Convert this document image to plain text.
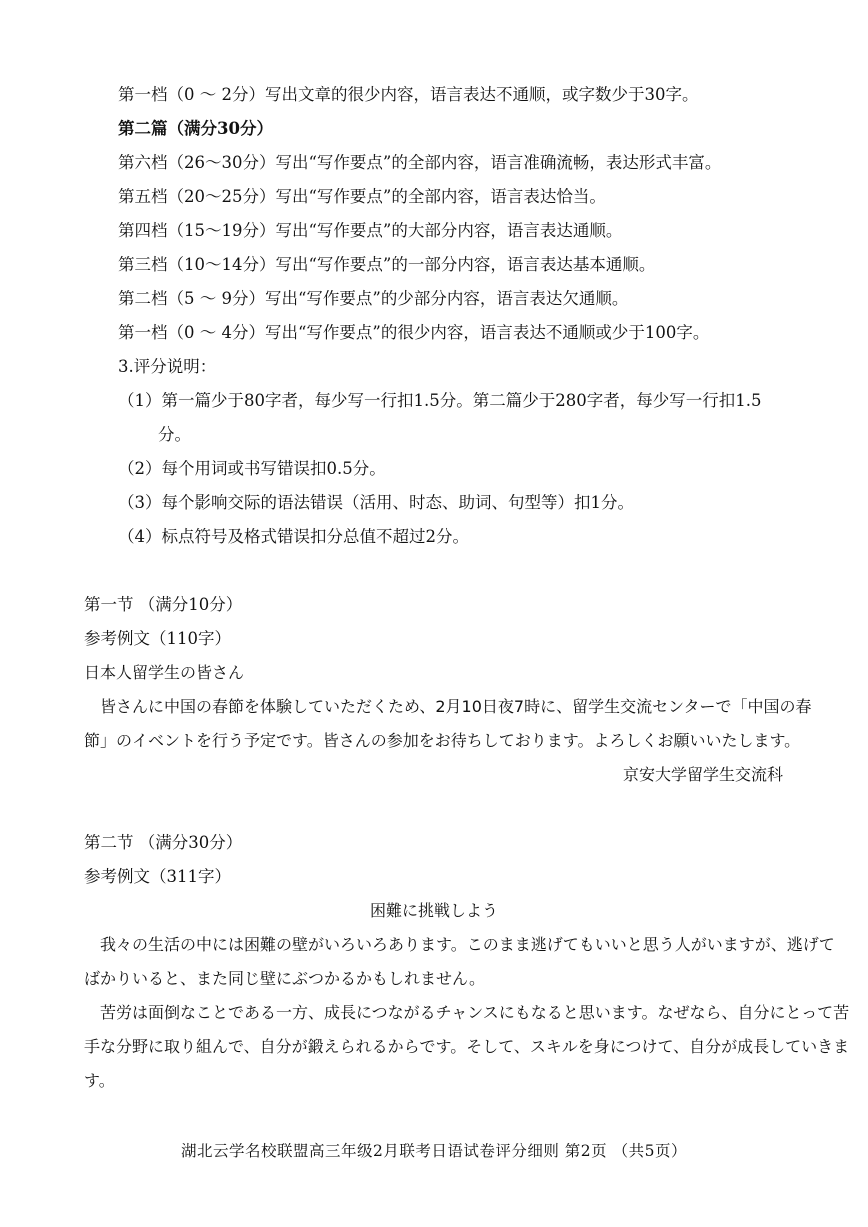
第一档（0 ～ 2分）写出文章的很少内容，语言表达不通顺，或字数少于30字。
第二篇（满分30分）
第六档（26～30分）写出“写作要点”的全部内容，语言准确流畅，表达形式丰富。
第五档（20～25分）写出“写作要点”的全部内容，语言表达恰当。
第四档（15～19分）写出“写作要点”的大部分内容，语言表达通顺。
第三档（10～14分）写出“写作要点”的一部分内容，语言表达基本通顺。
第二档（5 ～ 9分）写出“写作要点”的少部分内容，语言表达欠通顺。
第一档（0 ～ 4分）写出“写作要点”的很少内容，语言表达不通顺或少于100字。
3.评分说明：
（1）第一篇少于80字者，每少写一行扣1.5分。第二篇少于280字者，每少写一行扣1.5
分。
（2）每个用词或书写错误扣0.5分。
（3）每个影响交际的语法错误（活用、时态、助词、句型等）扣1分。
（4）标点符号及格式错误扣分总值不超过2分。
第一节 （满分10分）
参考例文（110字）
日本人留学生の皆さん
皆さんに中国の春節を体験していただくため、2月10日夜7時に、留学生交流センターで「中国の春
節」のイベントを行う予定です。皆さんの参加をお待ちしております。よろしくお願いいたします。
京安大学留学生交流科
第二节 （满分30分）
参考例文（311字）
困難に挑戦しよう
我々の生活の中には困難の壁がいろいろあります。このまま逃げてもいいと思う人がいますが、逃げて
ばかりいると、また同じ壁にぶつかるかもしれません。
苦労は面倒なことである一方、成長につながるチャンスにもなると思います。なぜなら、自分にとって苦
手な分野に取り組んで、自分が鍛えられるからです。そして、スキルを身につけて、自分が成長していきま
す。
湖北云学名校联盟高三年级2月联考日语试卷评分细则 第2页 （共5页）
